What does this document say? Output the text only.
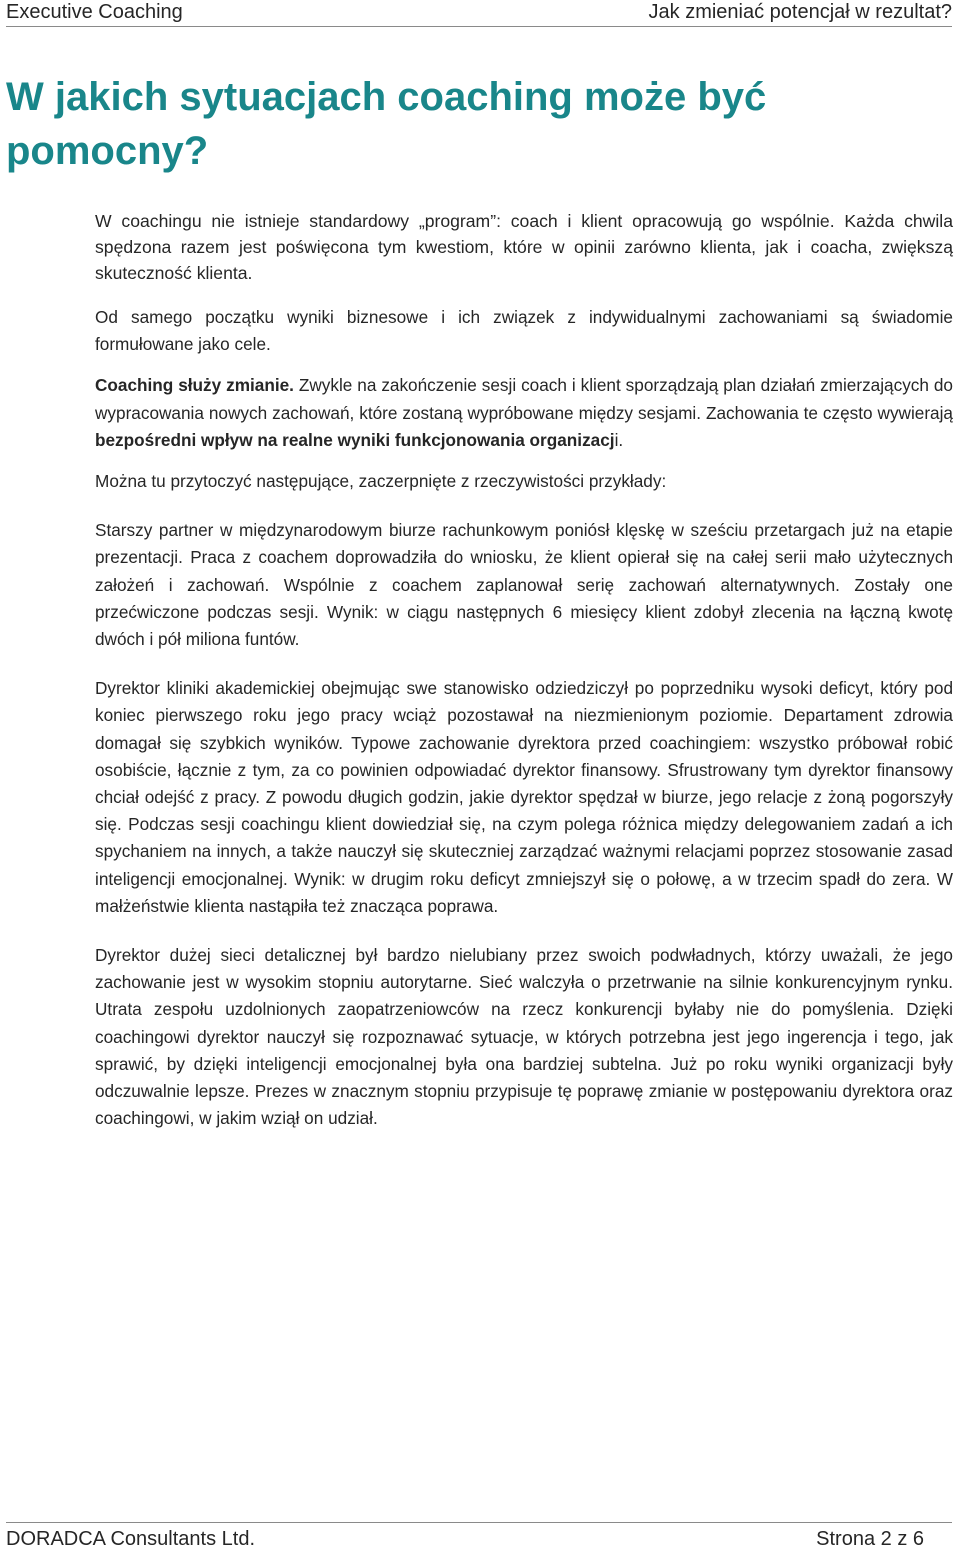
Executive Coaching	Jak zmieniać potencjał w rezultat?
W jakich sytuacjach coaching może być pomocny?

W coachingu nie istnieje standardowy „program”: coach i klient opracowują go wspólnie. Każda chwila spędzona razem jest poświęcona tym kwestiom, które w opinii zarówno klienta, jak i coacha, zwiększą skuteczność klienta.

Od samego początku wyniki biznesowe i ich związek z indywidualnymi zachowaniami są świadomie formułowane jako cele.

Coaching służy zmianie. Zwykle na zakończenie sesji coach i klient sporządzają plan działań zmierzających do wypracowania nowych zachowań, które zostaną wypróbowane między sesjami. Zachowania te często wywierają bezpośredni wpływ na realne wyniki funkcjonowania organizacji.

Można tu przytoczyć następujące, zaczerpnięte z rzeczywistości przykłady:

Starszy partner w międzynarodowym biurze rachunkowym poniósł klęskę w sześciu przetargach już na etapie prezentacji. Praca z coachem doprowadziła do wniosku, że klient opierał się na całej serii mało użytecznych założeń i zachowań. Wspólnie z coachem zaplanował serię zachowań alternatywnych. Zostały one przećwiczone podczas sesji. Wynik: w ciągu następnych 6 miesięcy klient zdobył zlecenia na łączną kwotę dwóch i pół miliona funtów.

Dyrektor kliniki akademickiej obejmując swe stanowisko odziedziczył po poprzedniku wysoki deficyt, który pod koniec pierwszego roku jego pracy wciąż pozostawał na niezmienionym poziomie. Departament zdrowia domagał się szybkich wyników. Typowe zachowanie dyrektora przed coachingiem: wszystko próbował robić osobiście, łącznie z tym, za co powinien odpowiadać dyrektor finansowy. Sfrustrowany tym dyrektor finansowy chciał odejść z pracy. Z powodu długich godzin, jakie dyrektor spędzał w biurze, jego relacje z żoną pogorszyły się. Podczas sesji coachingu klient dowiedział się, na czym polega różnica między delegowaniem zadań a ich spychaniem na innych, a także nauczył się skuteczniej zarządzać ważnymi relacjami poprzez stosowanie zasad inteligencji emocjonalnej. Wynik: w drugim roku deficyt zmniejszył się o połowę, a w trzecim spadł do zera. W małżeństwie klienta nastąpiła też znacząca poprawa.

Dyrektor dużej sieci detalicznej był bardzo nielubiany przez swoich podwładnych, którzy uważali, że jego zachowanie jest w wysokim stopniu autorytarne. Sieć walczyła o przetrwanie na silnie konkurencyjnym rynku. Utrata zespołu uzdolnionych zaopatrzeniowców na rzecz konkurencji byłaby nie do pomyślenia. Dzięki coachingowi dyrektor nauczył się rozpoznawać sytuacje, w których potrzebna jest jego ingerencja i tego, jak sprawić, by dzięki inteligencji emocjonalnej była ona bardziej subtelna. Już po roku wyniki organizacji były odczuwalnie lepsze. Prezes w znacznym stopniu przypisuje tę poprawę zmianie w postępowaniu dyrektora oraz coachingowi, w jakim wziął on udział.

DORADCA Consultants Ltd.	Strona 2 z 6
